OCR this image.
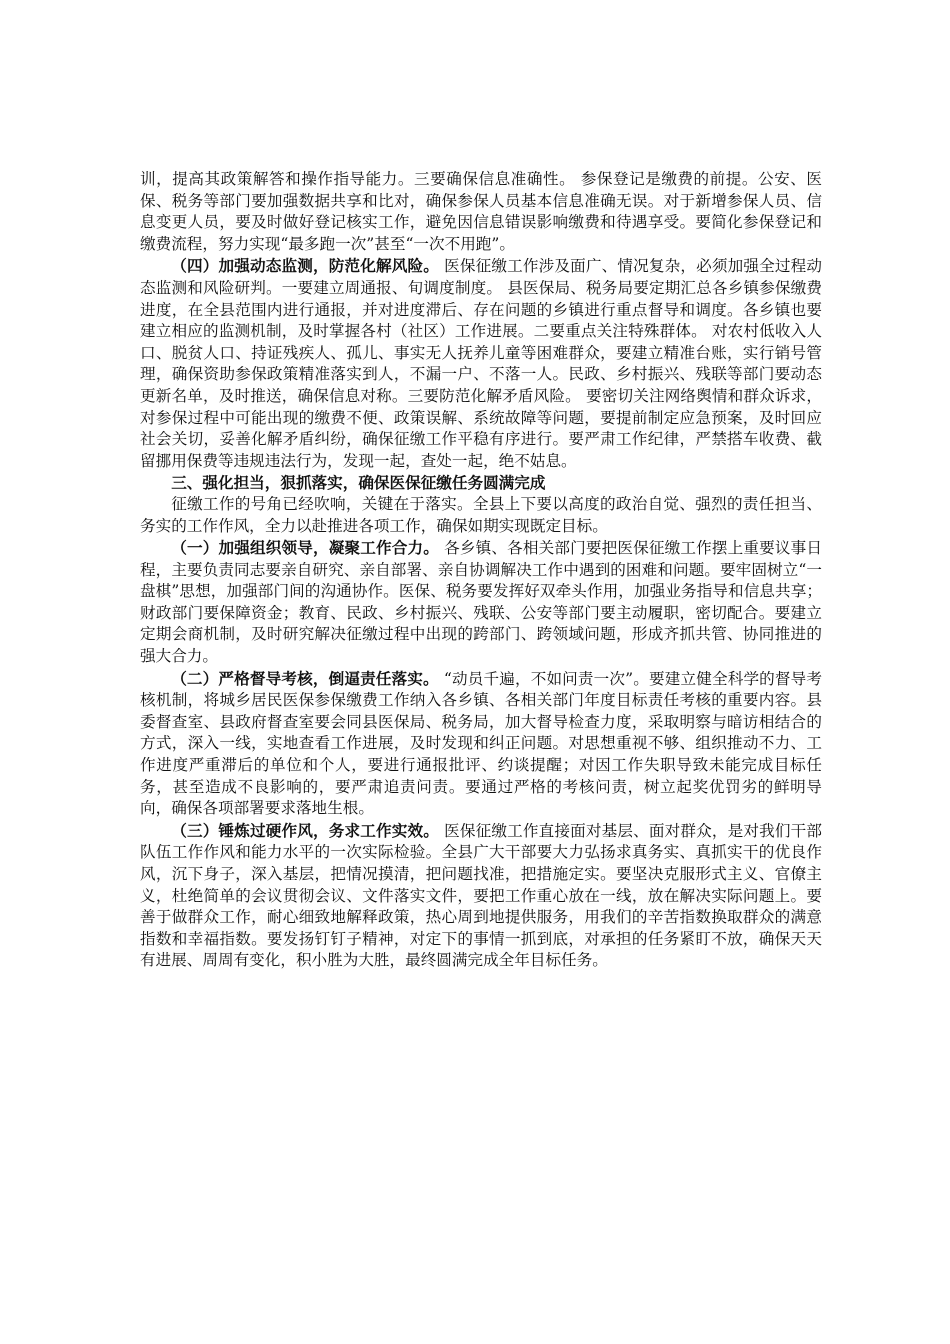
训，提高其政策解答和操作指导能力。三要确保信息准确性。 参保登记是缴费的前提。公安、医保、税务等部门要加强数据共享和比对，确保参保人员基本信息准确无误。对于新增参保人员、信息变更人员，要及时做好登记核实工作，避免因信息错误影响缴费和待遇享受。要简化参保登记和缴费流程，努力实现“最多跑一次”甚至“一次不用跑”。

（四）加强动态监测，防范化解风险。 医保征缴工作涉及面广、情况复杂，必须加强全过程动态监测和风险研判。一要建立周通报、旬调度制度。 县医保局、税务局要定期汇总各乡镇参保缴费进度，在全县范围内进行通报，并对进度滞后、存在问题的乡镇进行重点督导和调度。各乡镇也要建立相应的监测机制，及时掌握各村（社区）工作进展。二要重点关注特殊群体。 对农村低收入人口、脱贫人口、持证残疾人、孤儿、事实无人抚养儿童等困难群众，要建立精准台账，实行销号管理，确保资助参保政策精准落实到人，不漏一户、不落一人。民政、乡村振兴、残联等部门要动态更新名单，及时推送，确保信息对称。三要防范化解矛盾风险。 要密切关注网络舆情和群众诉求，对参保过程中可能出现的缴费不便、政策误解、系统故障等问题，要提前制定应急预案，及时回应社会关切，妥善化解矛盾纠纷，确保征缴工作平稳有序进行。要严肃工作纪律，严禁搭车收费、截留挪用保费等违规违法行为，发现一起，查处一起，绝不姑息。

三、强化担当，狠抓落实，确保医保征缴任务圆满完成

征缴工作的号角已经吹响，关键在于落实。全县上下要以高度的政治自觉、强烈的责任担当、务实的工作作风，全力以赴推进各项工作，确保如期实现既定目标。

（一）加强组织领导，凝聚工作合力。 各乡镇、各相关部门要把医保征缴工作摆上重要议事日程，主要负责同志要亲自研究、亲自部署、亲自协调解决工作中遇到的困难和问题。要牢固树立“一盘棋”思想，加强部门间的沟通协作。医保、税务要发挥好双牵头作用，加强业务指导和信息共享；财政部门要保障资金；教育、民政、乡村振兴、残联、公安等部门要主动履职，密切配合。要建立定期会商机制，及时研究解决征缴过程中出现的跨部门、跨领域问题，形成齐抓共管、协同推进的强大合力。

（二）严格督导考核，倒逼责任落实。 “动员千遍，不如问责一次”。要建立健全科学的督导考核机制，将城乡居民医保参保缴费工作纳入各乡镇、各相关部门年度目标责任考核的重要内容。县委督查室、县政府督查室要会同县医保局、税务局，加大督导检查力度，采取明察与暗访相结合的方式，深入一线，实地查看工作进展，及时发现和纠正问题。对思想重视不够、组织推动不力、工作进度严重滞后的单位和个人，要进行通报批评、约谈提醒；对因工作失职导致未能完成目标任务，甚至造成不良影响的，要严肃追责问责。要通过严格的考核问责，树立起奖优罚劣的鲜明导向，确保各项部署要求落地生根。

（三）锤炼过硬作风，务求工作实效。 医保征缴工作直接面对基层、面对群众，是对我们干部队伍工作作风和能力水平的一次实际检验。全县广大干部要大力弘扬求真务实、真抓实干的优良作风，沉下身子，深入基层，把情况摸清，把问题找准，把措施定实。要坚决克服形式主义、官僚主义，杜绝简单的会议贯彻会议、文件落实文件，要把工作重心放在一线，放在解决实际问题上。要善于做群众工作，耐心细致地解释政策，热心周到地提供服务，用我们的辛苦指数换取群众的满意指数和幸福指数。要发扬钉钉子精神，对定下的事情一抓到底，对承担的任务紧盯不放，确保天天有进展、周周有变化，积小胜为大胜，最终圆满完成全年目标任务。
